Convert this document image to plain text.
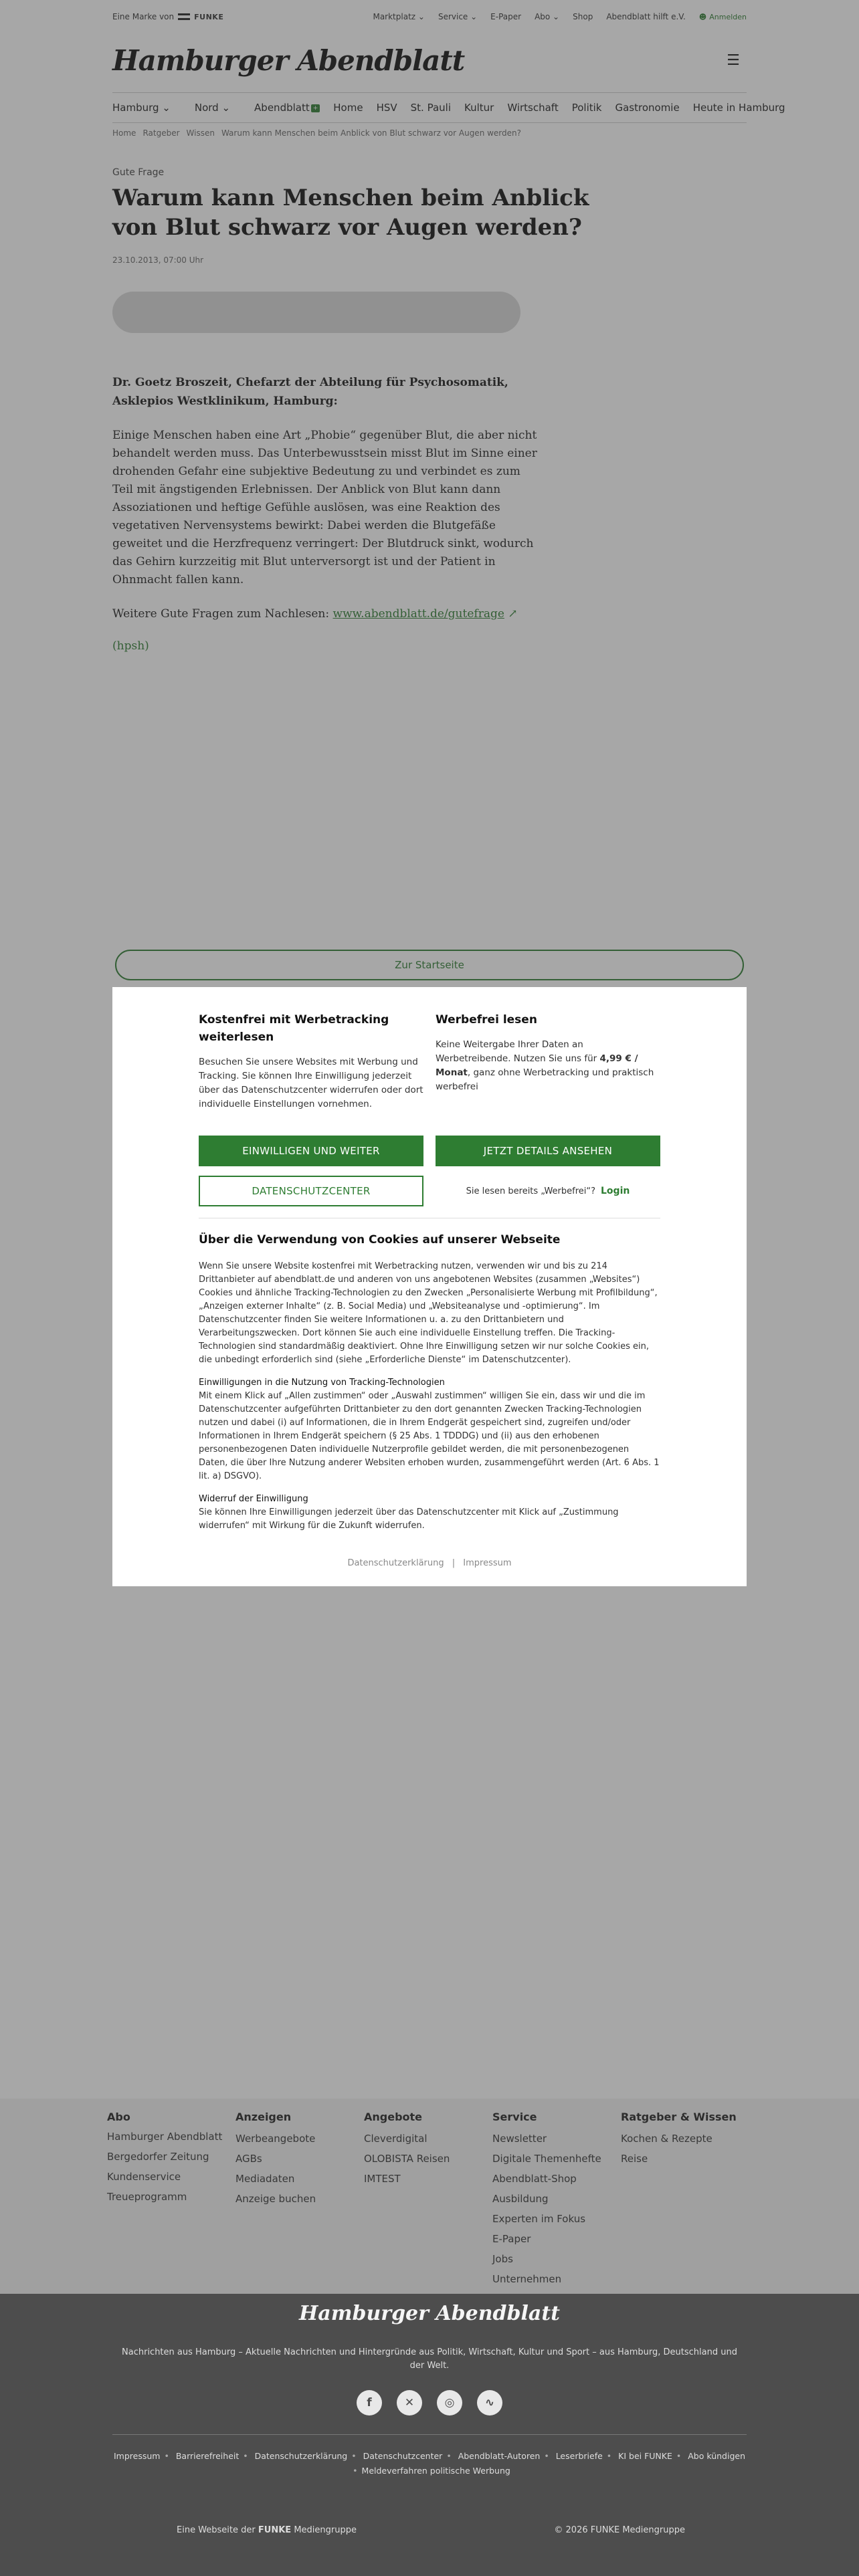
Eine Marke von	FUNKE	Marktplatz ⌄ Service ⌄ E-Paper Abo ⌄ Shop Abendblatt hilft e.V. ☻ Anmelden
Hamburger Abendblatt	☰
Hamburg ⌄	Nord ⌄	Abendblatt +	Home	HSV	St. Pauli	Kultur	Wirtschaft	Politik	Gastronomie	Heute in Hamburg
Home Ratgeber Wissen Warum kann Menschen beim Anblick von Blut schwarz vor Augen werden?
Gute Frage
Warum kann Menschen beim Anblick von Blut schwarz vor Augen werden?
23.10.2013, 07:00 Uhr

Dr. Goetz Broszeit, Chefarzt der Abteilung für Psychosomatik, Asklepios Westklinikum, Hamburg:

Einige Menschen haben eine Art „Phobie“ gegenüber Blut, die aber nicht behandelt werden muss. Das Unterbewusstsein misst Blut im Sinne einer drohenden Gefahr eine subjektive Bedeutung zu und verbindet es zum Teil mit ängstigenden Erlebnissen. Der Anblick von Blut kann dann Assoziationen und heftige Gefühle auslösen, was eine Reaktion des vegetativen Nervensystems bewirkt: Dabei werden die Blutgefäße geweitet und die Herzfrequenz verringert: Der Blutdruck sinkt, wodurch das Gehirn kurzzeitig mit Blut unterversorgt ist und der Patient in Ohnmacht fallen kann.

Weitere Gute Fragen zum Nachlesen: www.abendblatt.de/gutefrage ↗

(hpsh)

Zur Startseite
Kostenfrei mit Werbetracking weiterlesen

Besuchen Sie unsere Websites mit Werbung und Tracking. Sie können Ihre Einwilligung jederzeit über das Datenschutzcenter widerrufen oder dort individuelle Einstellungen vornehmen.

Werbefrei lesen

Keine Weitergabe Ihrer Daten an Werbetreibende. Nutzen Sie uns für 4,99 € / Monat, ganz ohne Werbetracking und praktisch werbefrei

EINWILLIGEN UND WEITER	JETZT DETAILS ANSEHEN
DATENSCHUTZCENTER	Sie lesen bereits „Werbefrei“? Login
Über die Verwendung von Cookies auf unserer Webseite
Wenn Sie unsere Website kostenfrei mit Werbetracking nutzen, verwenden wir und bis zu 214 Drittanbieter auf abendblatt.de und anderen von uns angebotenen Websites (zusammen „Websites“) Cookies und ähnliche Tracking-Technologien zu den Zwecken „Personalisierte Werbung mit Profilbildung“, „Anzeigen externer Inhalte“ (z. B. Social Media) und „Websiteanalyse und -optimierung“. Im Datenschutzcenter finden Sie weitere Informationen u. a. zu den Drittanbietern und Verarbeitungszwecken. Dort können Sie auch eine individuelle Einstellung treffen. Die Tracking-Technologien sind standardmäßig deaktiviert. Ohne Ihre Einwilligung setzen wir nur solche Cookies ein, die unbedingt erforderlich sind (siehe „Erforderliche Dienste“ im Datenschutzcenter).
Einwilligungen in die Nutzung von Tracking-Technologien
Mit einem Klick auf „Allen zustimmen“ oder „Auswahl zustimmen“ willigen Sie ein, dass wir und die im Datenschutzcenter aufgeführten Drittanbieter zu den dort genannten Zwecken Tracking-Technologien nutzen und dabei (i) auf Informationen, die in Ihrem Endgerät gespeichert sind, zugreifen und/oder Informationen in Ihrem Endgerät speichern (§ 25 Abs. 1 TDDDG) und (ii) aus den erhobenen personenbezogenen Daten individuelle Nutzerprofile gebildet werden, die mit personenbezogenen Daten, die über Ihre Nutzung anderer Websiten erhoben wurden, zusammengeführt werden (Art. 6 Abs. 1 lit. a) DSGVO).
Widerruf der Einwilligung
Sie können Ihre Einwilligungen jederzeit über das Datenschutzcenter mit Klick auf „Zustimmung widerrufen“ mit Wirkung für die Zukunft widerrufen.
Datenschutzerklärung | Impressum
Abo
Hamburger Abendblatt
Bergedorfer Zeitung
Kundenservice
Treueprogramm
Anzeigen
Werbeangebote
AGBs
Mediadaten
Anzeige buchen
Angebote
Cleverdigital
OLOBISTA Reisen
IMTEST
Service
Newsletter
Digitale Themenhefte
Abendblatt-Shop
Ausbildung
Experten im Fokus
E-Paper
Jobs
Unternehmen
Ratgeber & Wissen
Kochen & Rezepte
Reise
Hamburger Abendblatt
Nachrichten aus Hamburg – Aktuelle Nachrichten und Hintergründe aus Politik, Wirtschaft, Kultur und Sport – aus Hamburg, Deutschland und der Welt.
f	✕	◎	∿
Impressum • Barrierefreiheit • Datenschutzerklärung • Datenschutzcenter • Abendblatt-Autoren • Leserbriefe • KI bei FUNKE • Abo kündigen
• Meldeverfahren politische Werbung
Eine Webseite der FUNKE Mediengruppe	© 2026 FUNKE Mediengruppe
